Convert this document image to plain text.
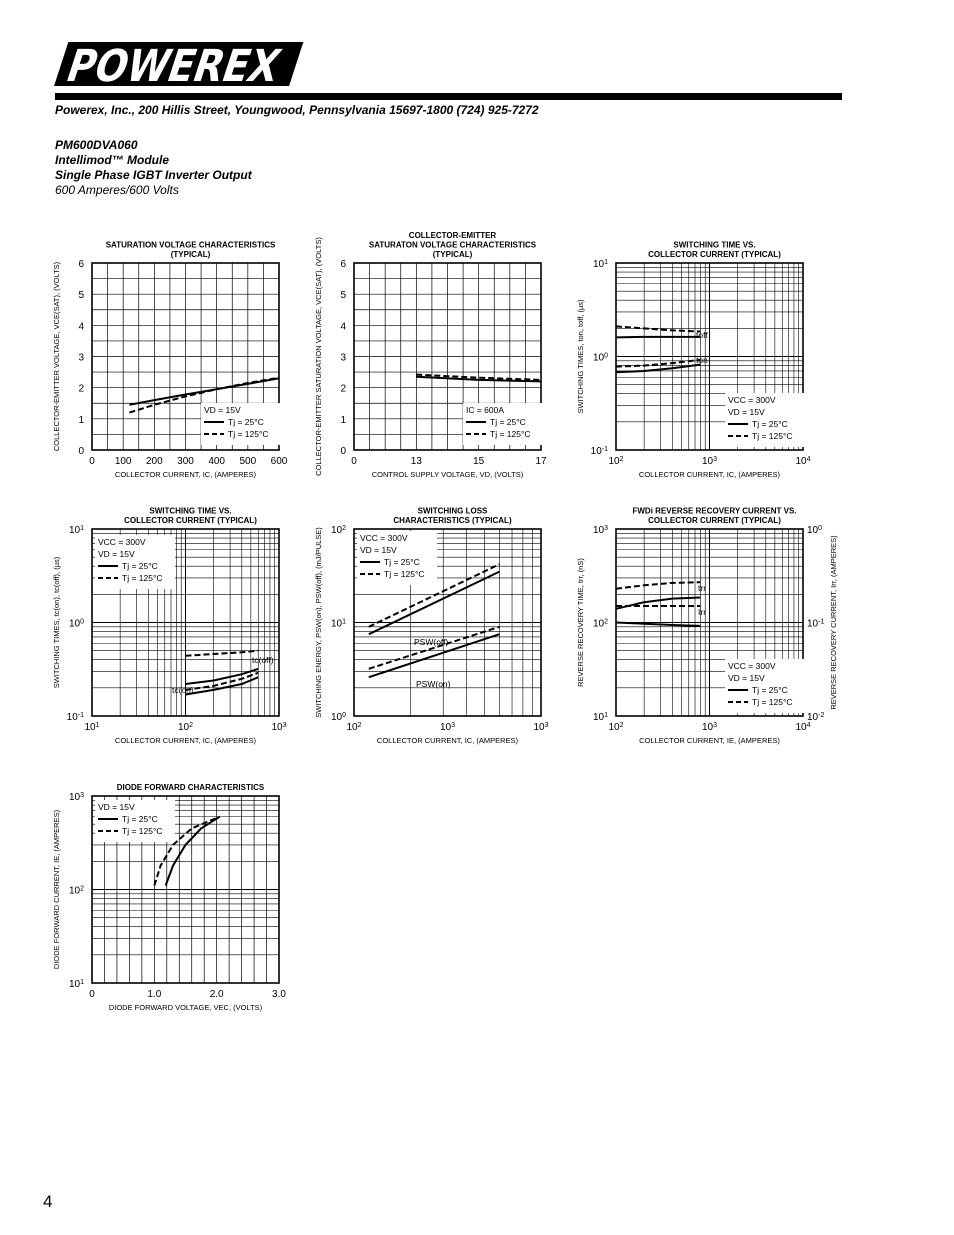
POWEREX
Powerex, Inc., 200 Hillis Street, Youngwood, Pennsylvania 15697-1800 (724) 925-7272
PM600DVA060
Intellimod™ Module
Single Phase IGBT Inverter Output
600 Amperes/600 Volts
SATURATION VOLTAGE CHARACTERISTICS
(TYPICAL)
0 100 200 300 400 500 600
0
1
2
3
4
5
6
COLLECTOR CURRENT, IC, (AMPERES)
COLLECTOR-EMITTER VOLTAGE, VCE(SAT), (VOLTS)	VD = 15V
Tj = 25°C
Tj = 125°C
COLLECTOR-EMITTER
SATURATON VOLTAGE CHARACTERISTICS
(TYPICAL)
0	13	15	17
0
1
2
3
4
5
6
CONTROL SUPPLY VOLTAGE, VD, (VOLTS)
COLLECTOR-EMITTER SATURATION VOLTAGE, VCE(SAT), (VOLTS)	IC = 600A
Tj = 25°C
Tj = 125°C
SWITCHING TIME VS.
COLLECTOR CURRENT (TYPICAL)
$10^2$	$10^3$	$10^4$
$10^{-1}$
$10^0$
$10^1$
COLLECTOR CURRENT, IC, (AMPERES)
SWITCHING TIMES, ton, toff, (µs)	VCC = 300V
VD = 15V
Tj = 25°C
Tj = 125°C
toff
ton
SWITCHING TIME VS.
COLLECTOR CURRENT (TYPICAL)
$10^1$	$10^2$	$10^3$
$10^{-1}$
$10^0$
$10^1$
COLLECTOR CURRENT, IC, (AMPERES)
SWITCHING TIMES, tc(on), tc(off), (µs)
VCC = 300V
VD = 15V
Tj = 25°C
Tj = 125°C
tc(off)
tc(on)
SWITCHING LOSS
CHARACTERISTICS (TYPICAL)
$10^2$	$10^3$	$10^3$
$10^0$
$10^1$
$10^2$
COLLECTOR CURRENT, IC, (AMPERES)
SWITCHING ENERGY, PSW(on), PSW(off), (mJ/PULSE)	VCC = 300V
VD = 15V
Tj = 25°C
Tj = 125°C
PSW(off)
PSW(on)
FWDi REVERSE RECOVERY CURRENT VS.
COLLECTOR CURRENT (TYPICAL)
$10^2$	$10^3$	$10^4$
$10^1$
$10^2$
$10^3$
$10^{-2}$
$10^{-1}$
$10^0$
COLLECTOR CURRENT, IE, (AMPERES)
REVERSE RECOVERY TIME, trr, (nS)	REVERSE RECOVERY CURRENT, Irr, (AMPERES)
VCC = 300V
VD = 15V
Tj = 25°C
Tj = 125°C
trr
Irr
DIODE FORWARD CHARACTERISTICS
0	1.0	2.0	3.0
$10^1$
$10^2$
$10^3$
DIODE FORWARD VOLTAGE, VEC, (VOLTS)
DIODE FORWARD CURRENT, IE, (AMPERES)
VD = 15V
Tj = 25°C
Tj = 125°C
4
